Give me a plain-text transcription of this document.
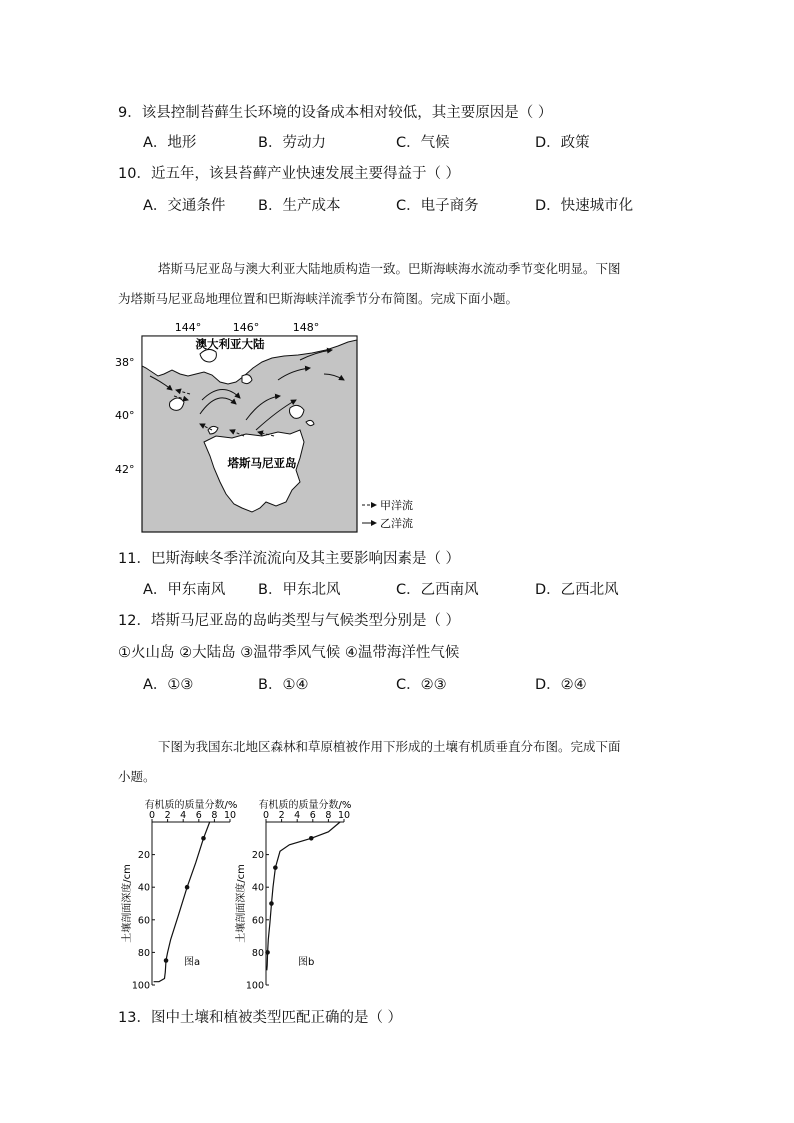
9．该县控制苔藓生长环境的设备成本相对较低，其主要原因是（ ）
A．地形	B．劳动力	C．气候	D．政策
10．近五年，该县苔藓产业快速发展主要得益于（ ）
A．交通条件 B．生产成本	C．电子商务	D．快速城市化
塔斯马尼亚岛与澳大利亚大陆地质构造一致。巴斯海峡海水流动季节变化明显。下图
为塔斯马尼亚岛地理位置和巴斯海峡洋流季节分布简图。完成下面小题。
144°	146°	148°
38°
40°
42°
澳大利亚大陆
塔斯马尼亚岛
甲洋流
乙洋流
11．巴斯海峡冬季洋流流向及其主要影响因素是（ ）
A．甲东南风 B．甲东北风	C．乙西南风	D．乙西北风
12．塔斯马尼亚岛的岛屿类型与气候类型分别是（ ）
①火山岛 ②大陆岛 ③温带季风气候 ④温带海洋性气候
A．①③	B．①④	C．②③	D．②④
下图为我国东北地区森林和草原植被作用下形成的土壤有机质垂直分布图。完成下面
小题。
有机质的质量分数/%
0 2 4 6 8 10
20
40
60
80
100
土壤剖面深度/cm
图a
有机质的质量分数/%
0 2 4 6 8 10
20
40
60
80
100
土壤剖面深度/cm
图b
13．图中土壤和植被类型匹配正确的是（ ）
